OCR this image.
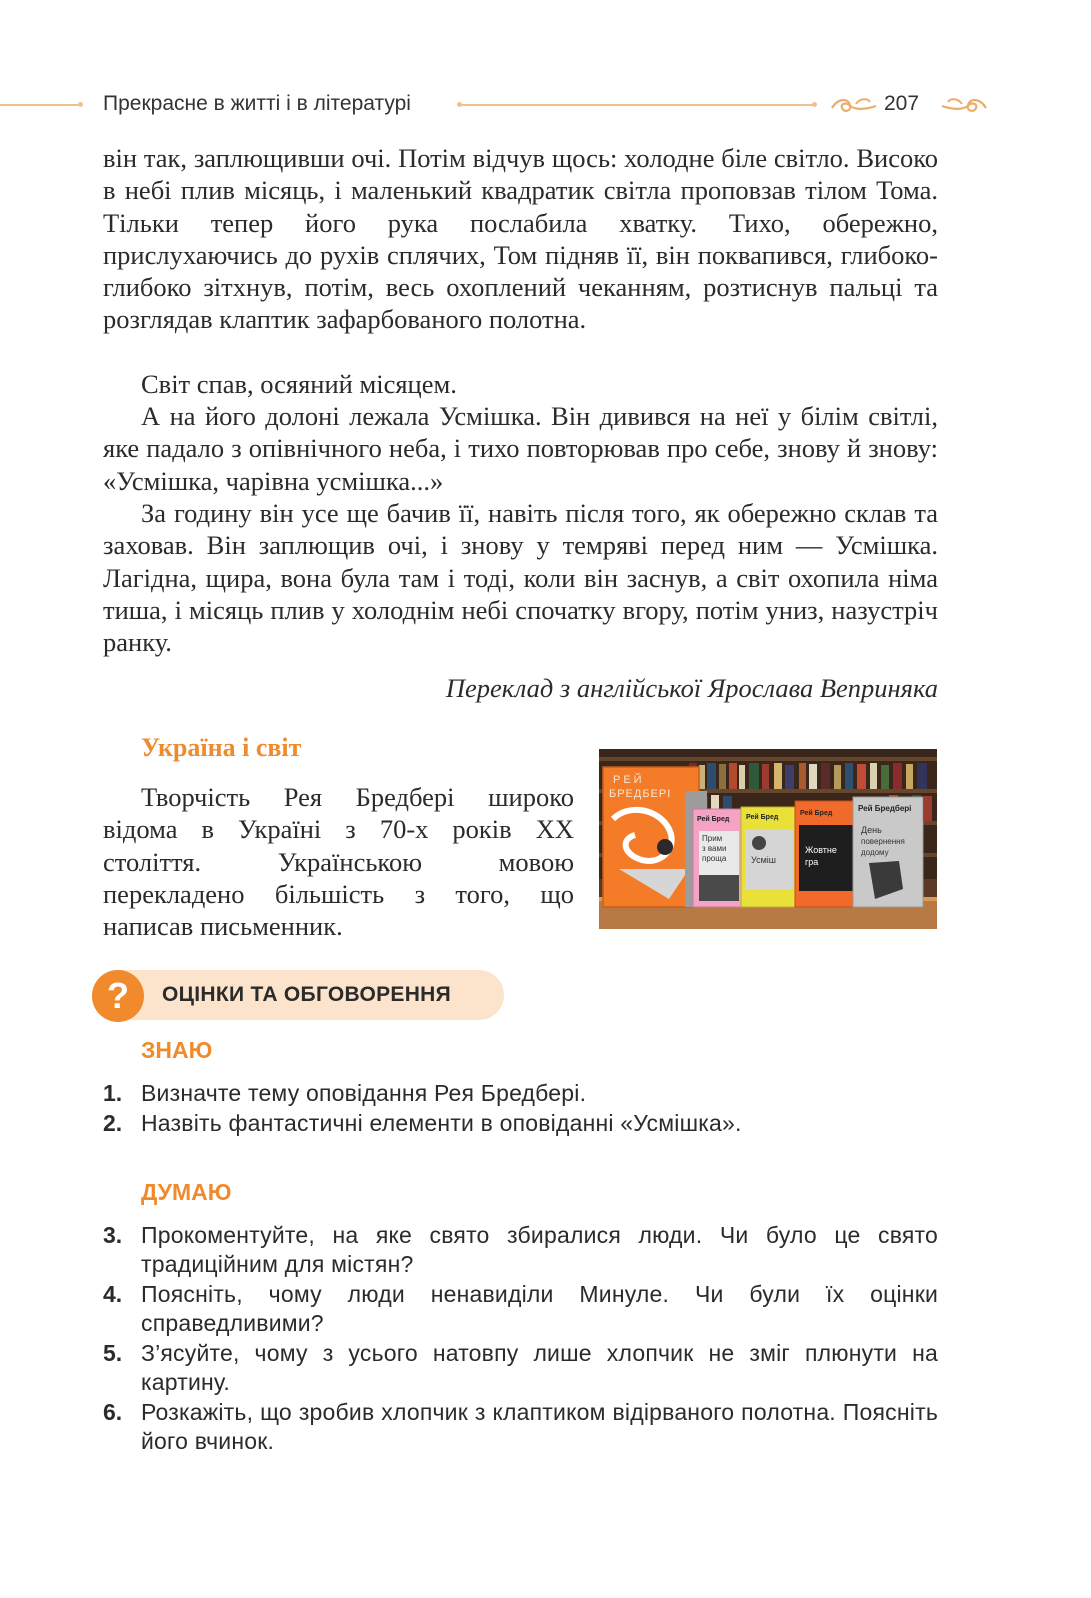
Прекрасне в житті і в літературі	207

він так, заплющивши очі. Потім відчув щось: холодне біле світло. Високо в небі плив місяць, і маленький квадратик світла проповзав тілом Тома. Тільки тепер його рука послабила хватку. Тихо, обережно, прислухаючись до рухів сплячих, Том підняв її, він поквапився, глибоко-глибоко зітхнув, потім, весь охоплений чеканням, розтиснув пальці та розглядав клаптик зафарбованого полотна.

Світ спав, осяяний місяцем.

А на його долоні лежала Усмішка. Він дивився на неї у білім світлі, яке падало з опівнічного неба, і тихо повторював про себе, знову й знову: «Усмішка, чарівна усмішка...»

За годину він усе ще бачив її, навіть після того, як обережно склав та заховав. Він заплющив очі, і знову у темряві перед ним — Усмішка. Лагідна, щира, вона була там і тоді, коли він заснув, а світ охопила німа тиша, і місяць плив у холоднім небі спочатку вгору, потім униз, назустріч ранку.

Переклад з англійської Ярослава Веприняка
Україна і світ

Творчість Рея Бредбері широко відома в Україні з 70-х років XX століття. Українською мовою перекладено більшість з того, що написав письменник.

РЕЙ
БРЕДБЕРІ
Рей Бред
Прим
з вами
проща
Рей Бред
Усміш
Рей Бред
Жовтне
гра
Рей Бредбері
День
повернення
додому
?	ОЦІНКИ ТА ОБГОВОРЕННЯ
ЗНАЮ
1. Визначте тему оповідання Рея Бредбері.
2. Назвіть фантастичні елементи в оповіданні «Усмішка».
ДУМАЮ
3. Прокоментуйте, на яке свято збиралися люди. Чи було це свято традиційним для містян?
4. Поясніть, чому люди ненавиділи Минуле. Чи були їх оцінки справедливими?
5. З’ясуйте, чому з усього натовпу лише хлопчик не зміг плюнути на картину.
6. Розкажіть, що зробив хлопчик з клаптиком відірваного полотна. Поясніть його вчинок.
